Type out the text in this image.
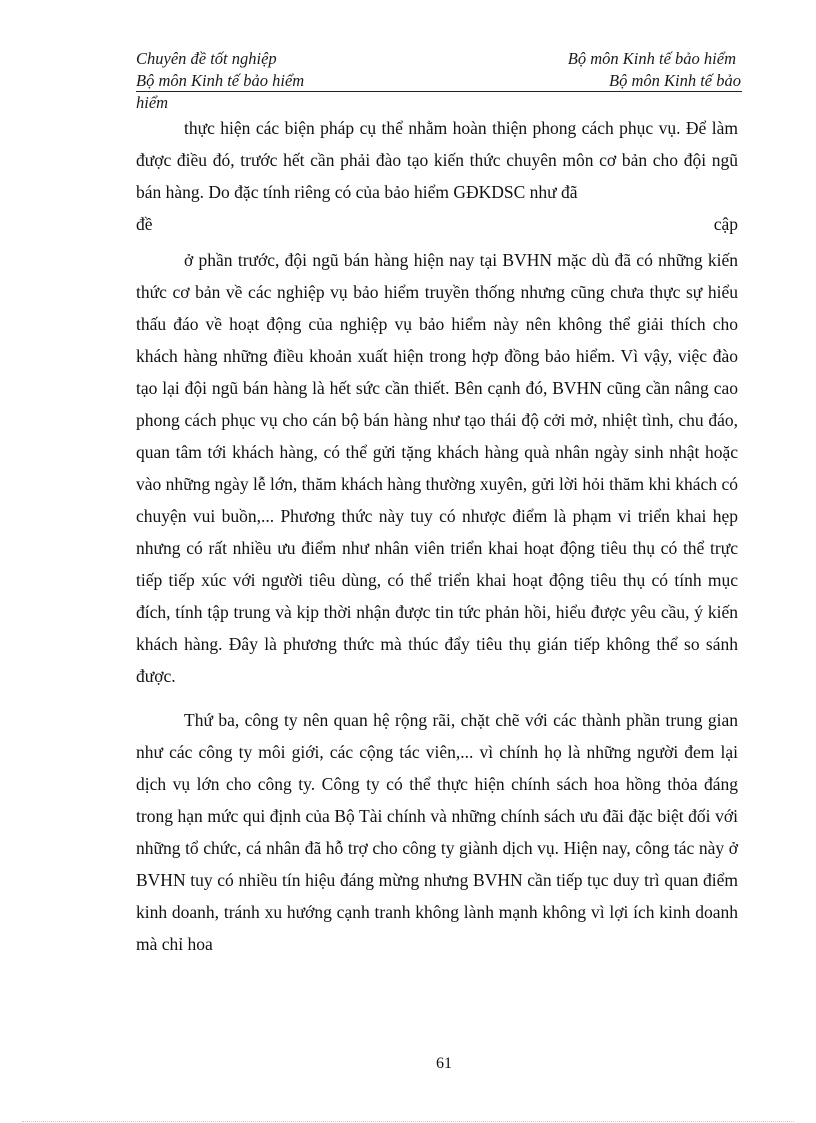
Chuyên đề tốt nghiệp	Bộ môn Kinh tế bảo hiểm
Bộ môn Kinh tế bảo hiểm	Bộ môn Kinh tế bảo
hiểm

thực hiện các biện pháp cụ thể nhằm hoàn thiện phong cách phục vụ. Để làm được điều đó, trước hết cần phải đào tạo kiến thức chuyên môn cơ bản cho đội ngũ bán hàng. Do đặc tính riêng có của bảo hiểm GĐKDSC như đã

đề	cập

ở phần trước, đội ngũ bán hàng hiện nay tại BVHN mặc dù đã có những kiến thức cơ bản về các nghiệp vụ bảo hiểm truyền thống nhưng cũng chưa thực sự hiểu thấu đáo về hoạt động của nghiệp vụ bảo hiểm này nên không thể giải thích cho khách hàng những điều khoản xuất hiện trong hợp đồng bảo hiểm. Vì vậy, việc đào tạo lại đội ngũ bán hàng là hết sức cần thiết. Bên cạnh đó, BVHN cũng cần nâng cao phong cách phục vụ cho cán bộ bán hàng như tạo thái độ cởi mở, nhiệt tình, chu đáo, quan tâm tới khách hàng, có thể gửi tặng khách hàng quà nhân ngày sinh nhật hoặc vào những ngày lễ lớn, thăm khách hàng thường xuyên, gửi lời hỏi thăm khi khách có chuyện vui buồn,... Phương thức này tuy có nhược điểm là phạm vi triển khai hẹp nhưng có rất nhiều ưu điểm như nhân viên triển khai hoạt động tiêu thụ có thể trực tiếp tiếp xúc với người tiêu dùng, có thể triển khai hoạt động tiêu thụ có tính mục đích, tính tập trung và kịp thời nhận được tin tức phản hồi, hiểu được yêu cầu, ý kiến khách hàng. Đây là phương thức mà thúc đẩy tiêu thụ gián tiếp không thể so sánh được.

Thứ ba, công ty nên quan hệ rộng rãi, chặt chẽ với các thành phần trung gian như các công ty môi giới, các cộng tác viên,... vì chính họ là những người đem lại dịch vụ lớn cho công ty. Công ty có thể thực hiện chính sách hoa hồng thỏa đáng trong hạn mức qui định của Bộ Tài chính và những chính sách ưu đãi đặc biệt đối với những tổ chức, cá nhân đã hỗ trợ cho công ty giành dịch vụ. Hiện nay, công tác này ở BVHN tuy có nhiều tín hiệu đáng mừng nhưng BVHN cần tiếp tục duy trì quan điểm kinh doanh, tránh xu hướng cạnh tranh không lành mạnh không vì lợi ích kinh doanh mà chỉ hoa

61
